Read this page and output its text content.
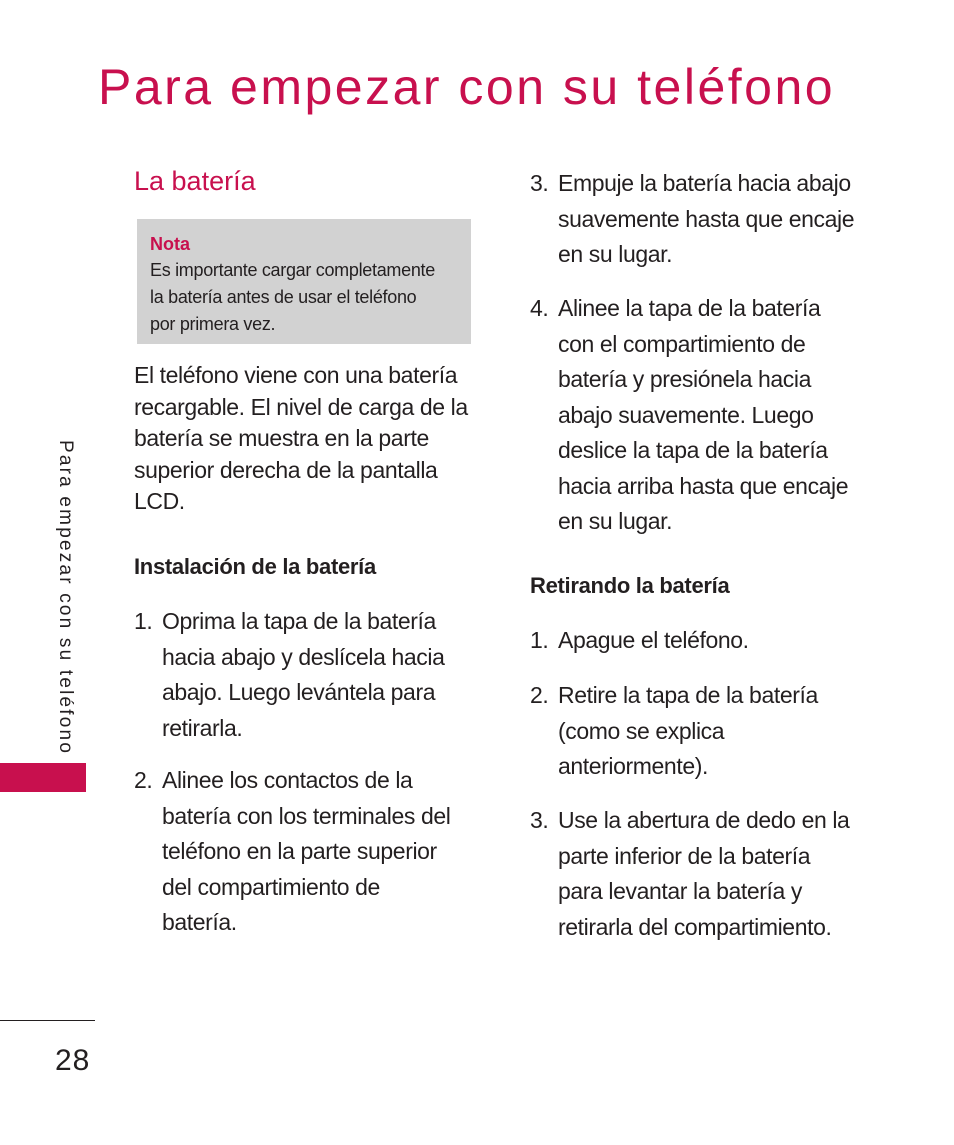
Para empezar con su teléfono
Para empezar con su teléfono
28
La batería
Nota
Es importante cargar completamente
la batería antes de usar el teléfono
por primera vez.
El teléfono viene con una batería
recargable. El nivel de carga de la
batería se muestra en la parte
superior derecha de la pantalla
LCD.
Instalación de la batería
1. Oprima la tapa de la batería
hacia abajo y deslícela hacia
abajo. Luego levántela para
retirarla.
2. Alinee los contactos de la
batería con los terminales del
teléfono en la parte superior
del compartimiento de
batería.
3. Empuje la batería hacia abajo
suavemente hasta que encaje
en su lugar.
4. Alinee la tapa de la batería
con el compartimiento de
batería y presiónela hacia
abajo suavemente. Luego
deslice la tapa de la batería
hacia arriba hasta que encaje
en su lugar.
Retirando la batería
1. Apague el teléfono.
2. Retire la tapa de la batería
(como se explica
anteriormente).
3. Use la abertura de dedo en la
parte inferior de la batería
para levantar la batería y
retirarla del compartimiento.
